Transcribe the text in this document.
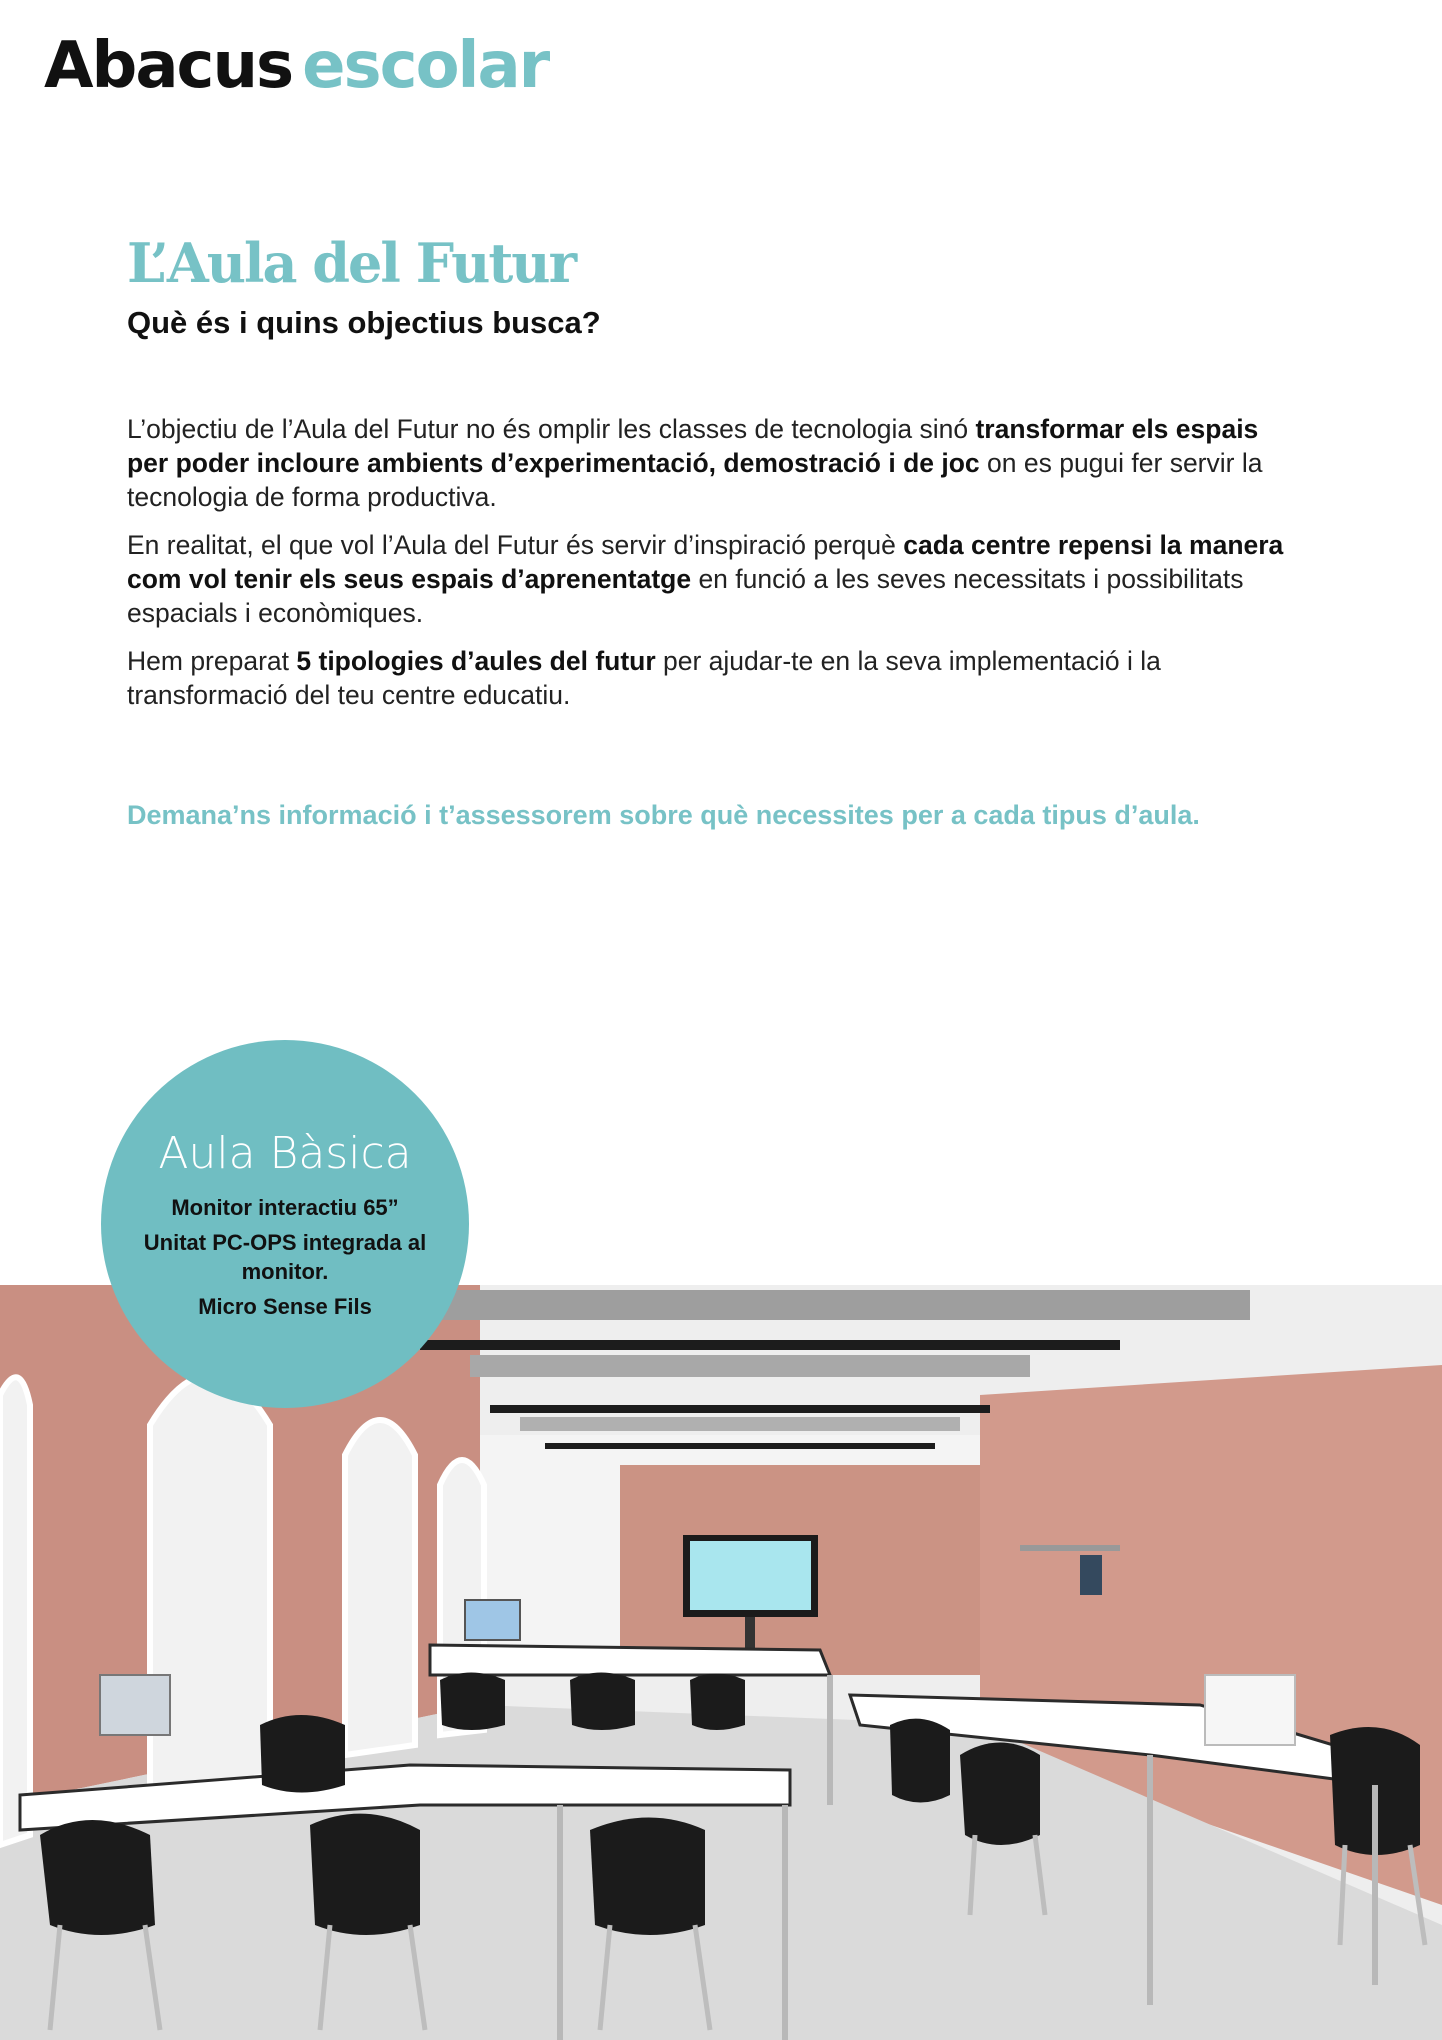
Abacus escolar
L’Aula del Futur
Què és i quins objectius busca?

L’objectiu de l’Aula del Futur no és omplir les classes de tecnologia sinó transformar els espais per poder incloure ambients d’experimentació, demostració i de joc on es pugui fer servir la tecnologia de forma productiva.

En realitat, el que vol l’Aula del Futur és servir d’inspiració perquè cada centre repensi la manera com vol tenir els seus espais d’aprenentatge en funció a les seves necessitats i possibilitats espacials i econòmiques.

Hem preparat 5 tipologies d’aules del futur per ajudar-te en la seva implementació i la transformació del teu centre educatiu.

Demana’ns informació i t’assessorem sobre què necessites per a cada tipus d’aula.
Aula Bàsica
Monitor interactiu 65”
Unitat PC-OPS integrada al monitor.
Micro Sense Fils
